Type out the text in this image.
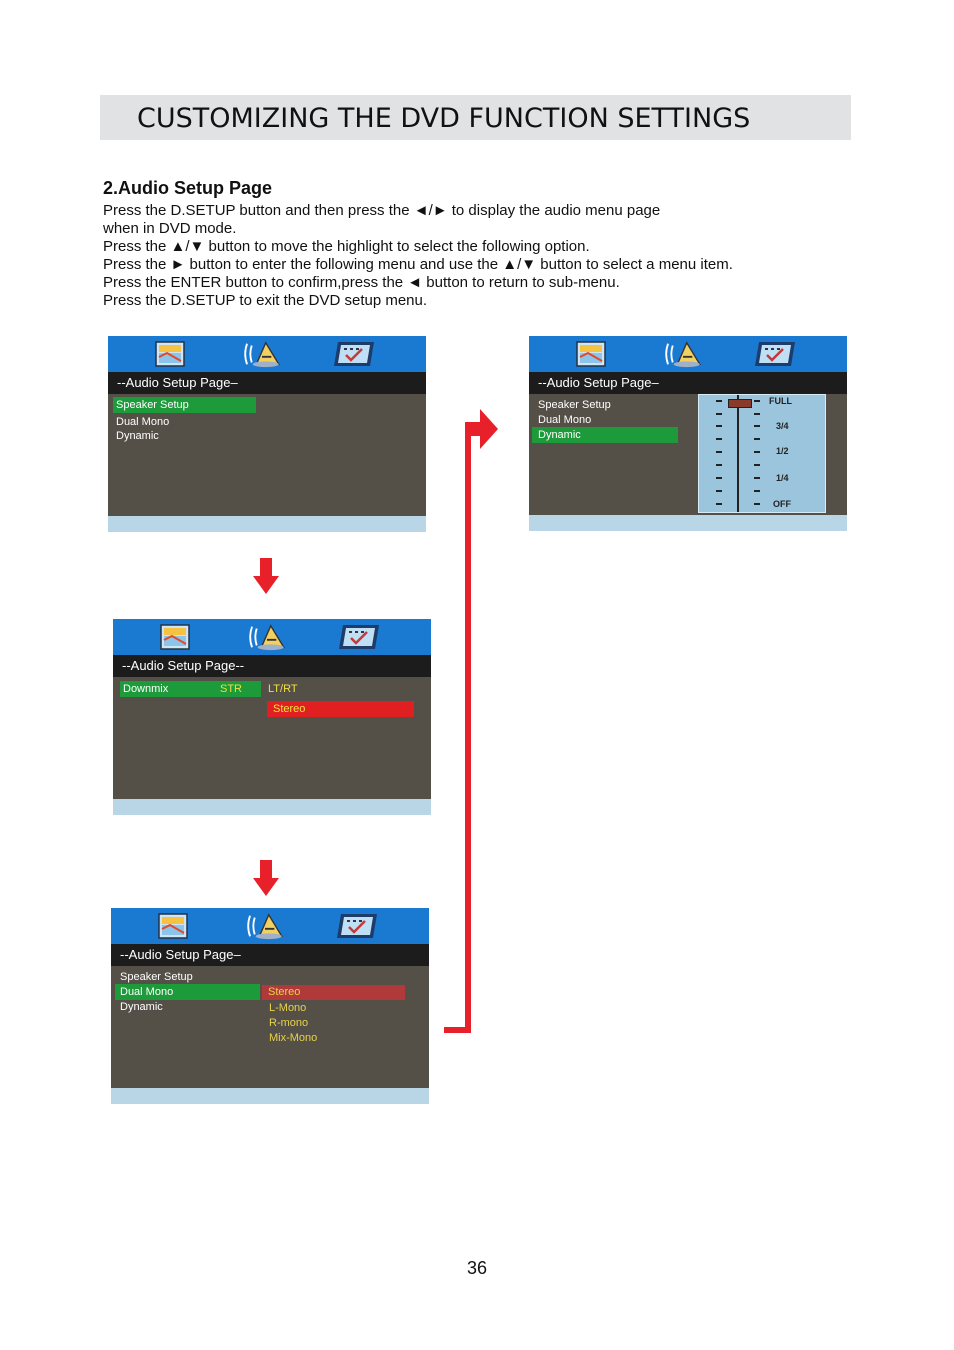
CUSTOMIZING THE DVD FUNCTION SETTINGS
2.Audio Setup Page
Press the D.SETUP button and then press the ◄/► to display the audio menu page
when in DVD mode.
Press the ▲/▼ button to move the highlight to select the following option.
Press the ► button to enter the following menu and use the ▲/▼ button to select a menu item.
Press the ENTER button to confirm,press the ◄ button to return to sub-menu.
Press the D.SETUP to exit the DVD setup menu.
--Audio Setup Page–
Speaker Setup
Dual Mono
Dynamic
--Audio Setup Page--
Downmix	STR LT/RT
Stereo
--Audio Setup Page–
Speaker Setup
Dual Mono
Dynamic
Stereo
L-Mono
R-mono
Mix-Mono
--Audio Setup Page–
Speaker Setup
Dual Mono
Dynamic
FULL
3/4
1/2
1/4
OFF
36
